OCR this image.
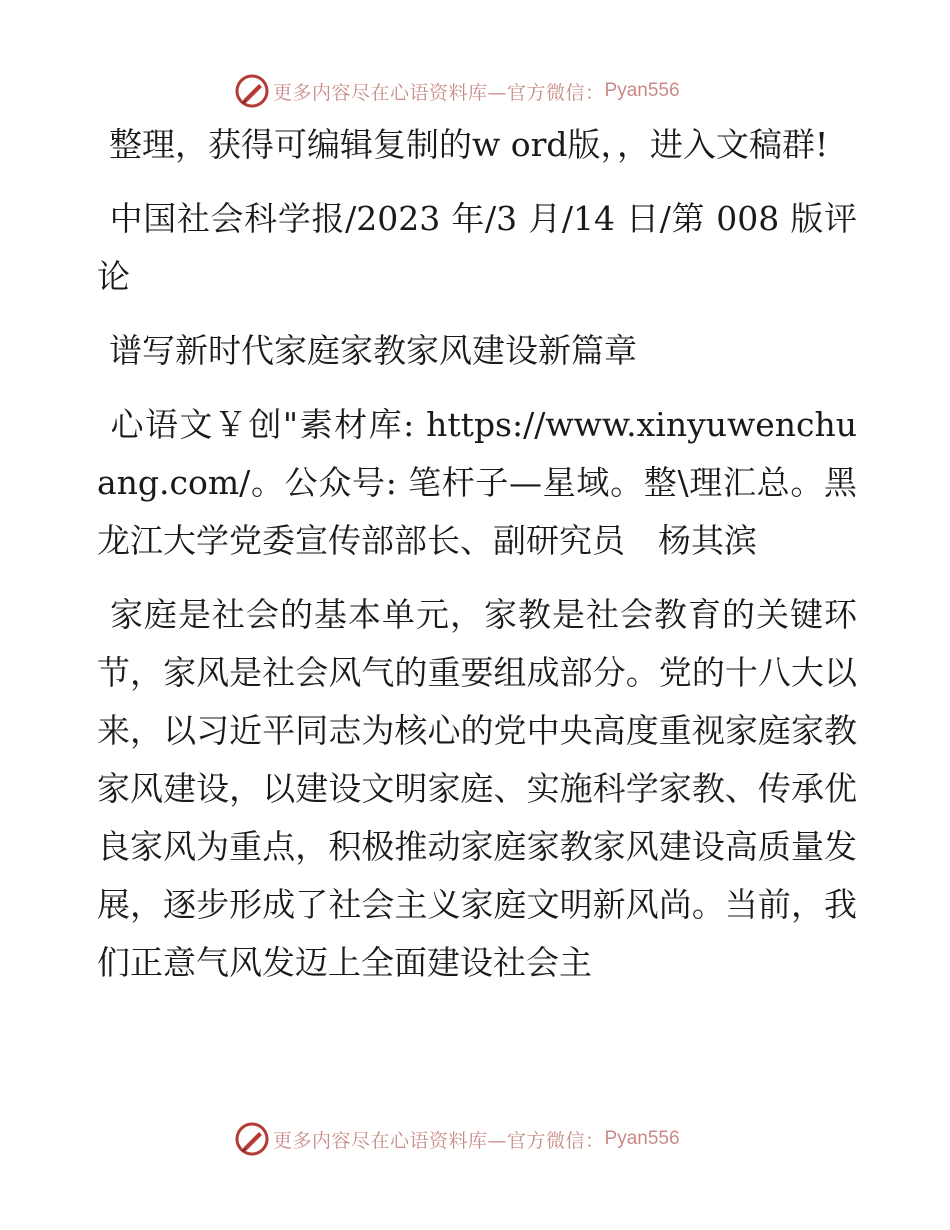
更多内容尽在心语资料库—官方微信： Pyan556

整理，获得可编辑复制的w ord版，，进入文稿群!

中国社会科学报/2023 年/3 月/14 日/第 008 版评论

谱写新时代家庭家教家风建设新篇章

心语文￥创"素材库: https://www.xinyuwenchuang.com/。公众号: 笔杆子—星域。整\理汇总。黑龙江大学党委宣传部部长、副研究员　杨其滨

家庭是社会的基本单元，家教是社会教育的关键环节，家风是社会风气的重要组成部分。党的十八大以来，以习近平同志为核心的党中央高度重视家庭家教家风建设，以建设文明家庭、实施科学家教、传承优良家风为重点，积极推动家庭家教家风建设高质量发展，逐步形成了社会主义家庭文明新风尚。当前，我们正意气风发迈上全面建设社会主

更多内容尽在心语资料库—官方微信： Pyan556
